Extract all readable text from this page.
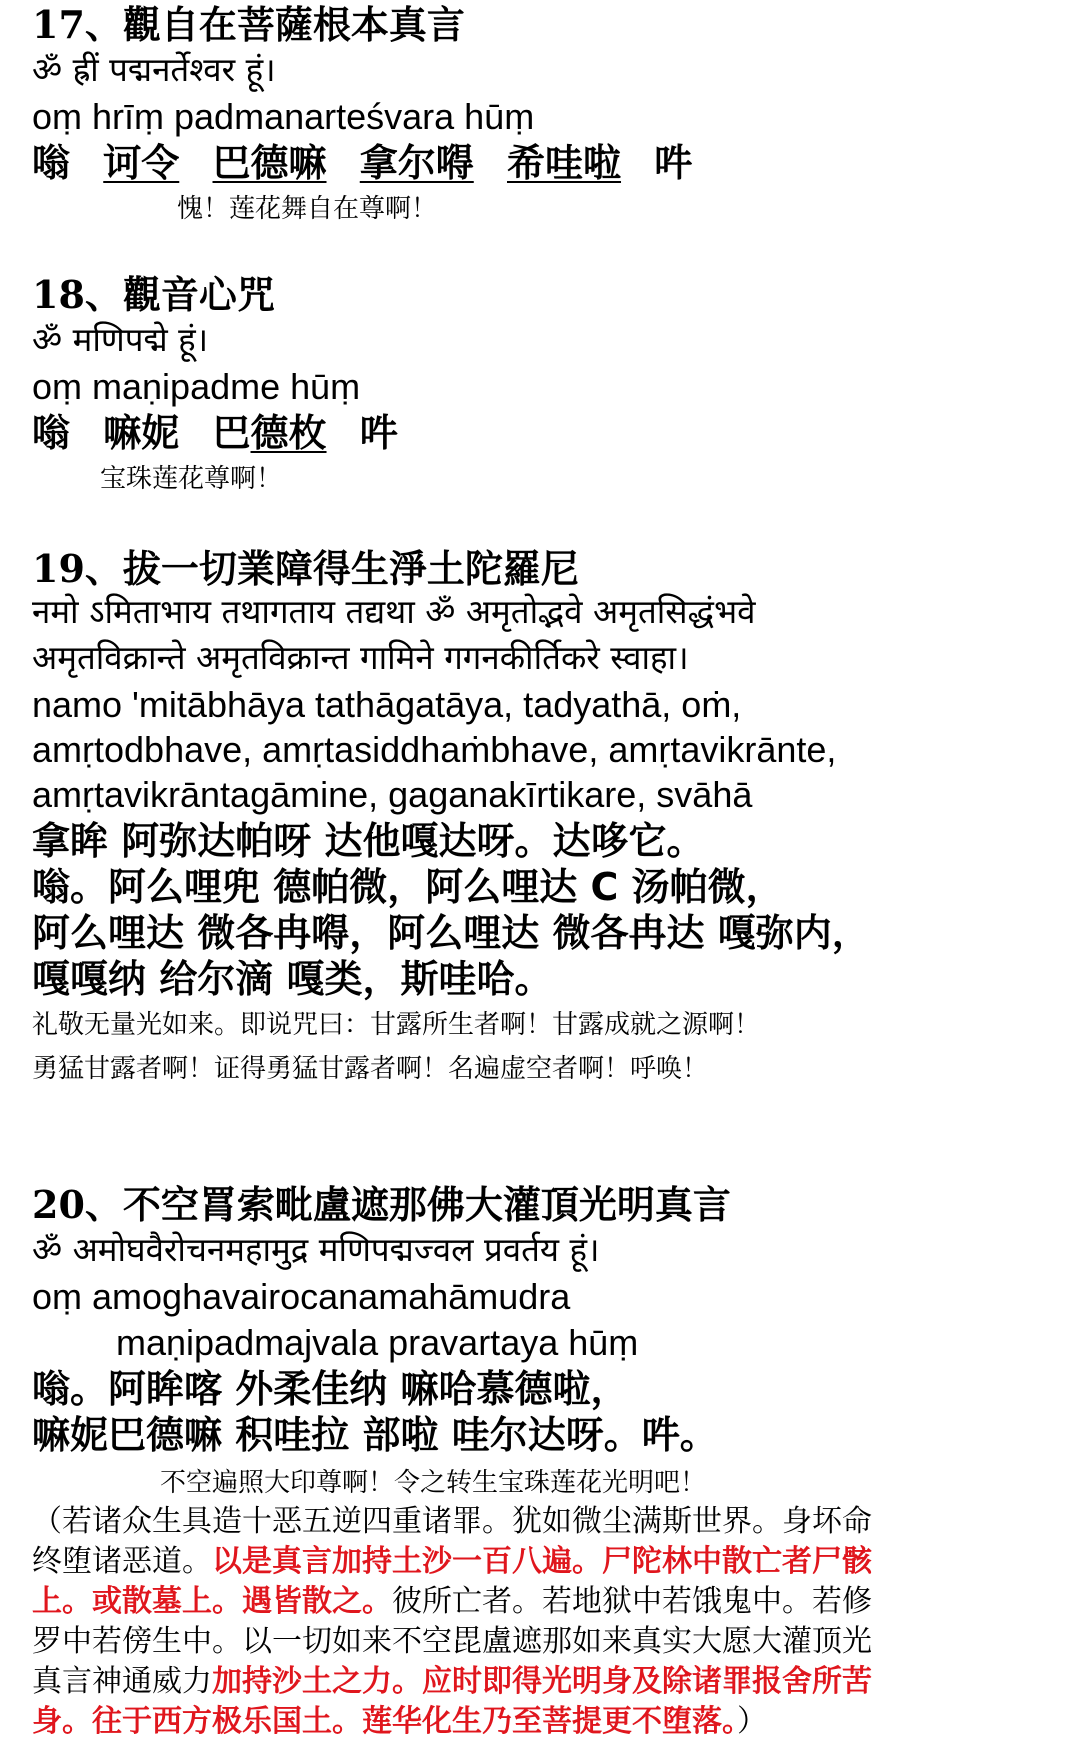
17、觀自在菩薩根本真言
ॐ ह्रीं पद्मनर्तेश्वर हूं।
oṃ hrīṃ padmanarteśvara hūṃ
嗡 诃令 巴德嘛 拿尔嘚 希哇啦 吽
愧！莲花舞自在尊啊！
18、觀音心咒
ॐ मणिपद्मे हूं।
oṃ maṇipadme hūṃ
嗡 嘛妮 巴德枚 吽
宝珠莲花尊啊！
19、拔一切業障得生淨土陀羅尼
नमो ऽमिताभाय तथागताय तद्यथा ॐ अमृतोद्भवे अमृतसिद्धंभवे
अमृतविक्रान्ते अमृतविक्रान्त गामिने गगनकीर्तिकरे स्वाहा।
namo 'mitābhāya tathāgatāya, tadyathā, oṁ,
amṛtodbhave, amṛtasiddhaṁbhave, amṛtavikrānte,
amṛtavikrāntagāmine, gaganakīrtikare, svāhā
拿眸 阿弥达帕呀 达他嘎达呀。达哆它。
嗡。阿么哩兜 德帕微，阿么哩达 C 汤帕微，
阿么哩达 微各冉嘚，阿么哩达 微各冉达 嘎弥内，
嘎嘎纳 给尔滴 嘎类，斯哇哈。
礼敬无量光如来。即说咒曰：甘露所生者啊！甘露成就之源啊！
勇猛甘露者啊！证得勇猛甘露者啊！名遍虚空者啊！呼唤！
20、不空罥索毗盧遮那佛大灌頂光明真言
ॐ अमोघवैरोचनमहामुद्र मणिपद्मज्वल प्रवर्तय हूं।
oṃ amoghavairocanamahāmudra
maṇipadmajvala pravartaya hūṃ
嗡。阿眸喀 外柔佳纳 嘛哈慕德啦，
嘛妮巴德嘛 积哇拉 部啦 哇尔达呀。吽。
不空遍照大印尊啊！令之转生宝珠莲花光明吧！
（若诸众生具造十恶五逆四重诸罪。犹如微尘满斯世界。身坏命
终堕诸恶道。以是真言加持土沙一百八遍。尸陀林中散亡者尸骸
上。或散墓上。遇皆散之。彼所亡者。若地狱中若饿鬼中。若修
罗中若傍生中。以一切如来不空毘盧遮那如来真实大愿大灌顶光
真言神通威力加持沙土之力。应时即得光明身及除诸罪报舍所苦
身。往于西方极乐国土。莲华化生乃至菩提更不堕落。）
